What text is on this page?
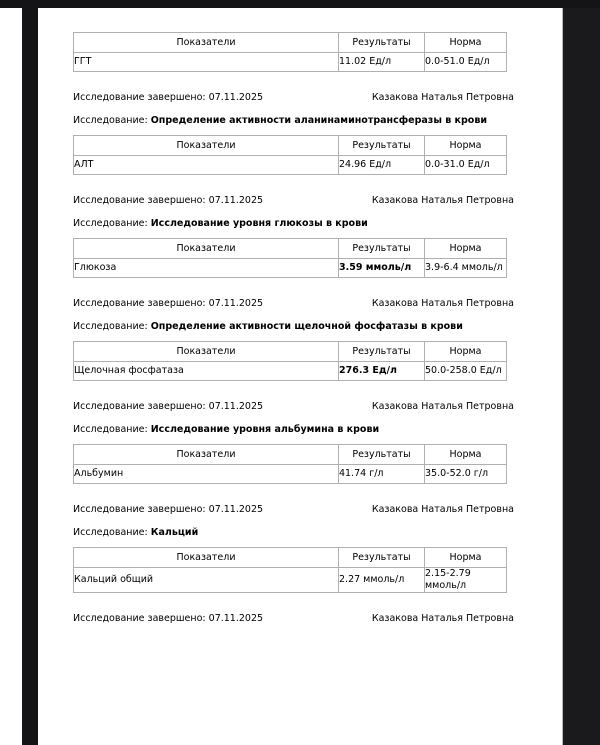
Показатели	Результаты	Норма
ГГТ	11.02 Ед/л	0.0-51.0 Ед/л
Исследование завершено: 07.11.2025	Казакова Наталья Петровна
Исследование: Определение активности аланинаминотрансферазы в крови
Показатели	Результаты	Норма
АЛТ	24.96 Ед/л	0.0-31.0 Ед/л
Исследование завершено: 07.11.2025	Казакова Наталья Петровна
Исследование: Исследование уровня глюкозы в крови
Показатели	Результаты	Норма
Глюкоза	3.59 ммоль/л	3.9-6.4 ммоль/л
Исследование завершено: 07.11.2025	Казакова Наталья Петровна
Исследование: Определение активности щелочной фосфатазы в крови
Показатели	Результаты	Норма
Щелочная фосфатаза	276.3 Ед/л	50.0-258.0 Ед/л
Исследование завершено: 07.11.2025	Казакова Наталья Петровна
Исследование: Исследование уровня альбумина в крови
Показатели	Результаты	Норма
Альбумин	41.74 г/л	35.0-52.0 г/л
Исследование завершено: 07.11.2025	Казакова Наталья Петровна
Исследование: Кальций
Показатели	Результаты	Норма
Кальций общий	2.27 ммоль/л	2.15-2.79 ммоль/л
Исследование завершено: 07.11.2025	Казакова Наталья Петровна
